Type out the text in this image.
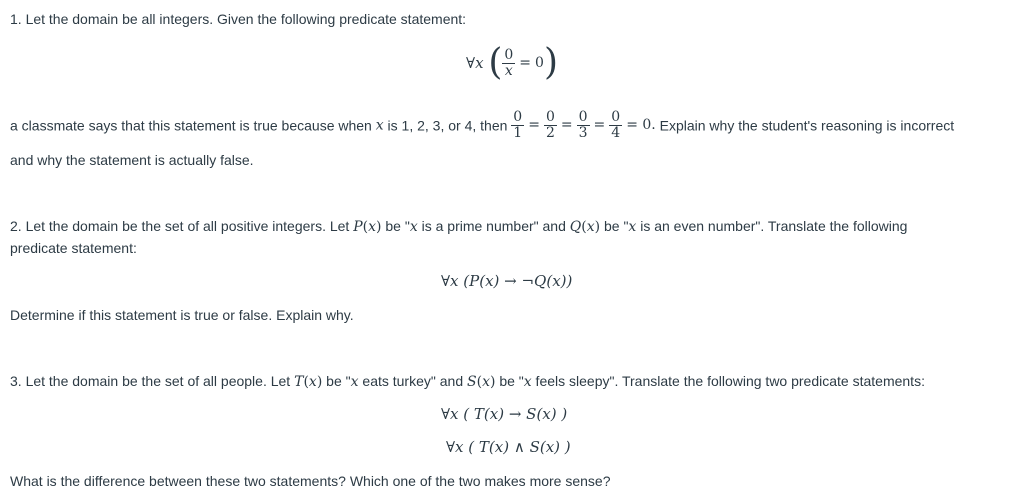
1. Let the domain be all integers. Given the following predicate statement:
∀x ( $\frac{0}{x} = 0$)
a classmate says that this statement is true because when x is 1, 2, 3, or 4, then $\frac{0}{1} = \frac{0}{2} = \frac{0}{3} = \frac{0}{4} = 0$. Explain why the student's reasoning is incorrect
and why the statement is actually false.
2. Let the domain be the set of all positive integers. Let P(x) be "x is a prime number" and Q(x) be "x is an even number". Translate the following
predicate statement:
∀x (P(x) → ¬Q(x))
Determine if this statement is true or false. Explain why.
3. Let the domain be the set of all people. Let T(x) be "x eats turkey" and S(x) be "x feels sleepy". Translate the following two predicate statements:
∀x ( T(x) → S(x) )
∀x ( T(x) ∧ S(x) )
What is the difference between these two statements? Which one of the two makes more sense?
